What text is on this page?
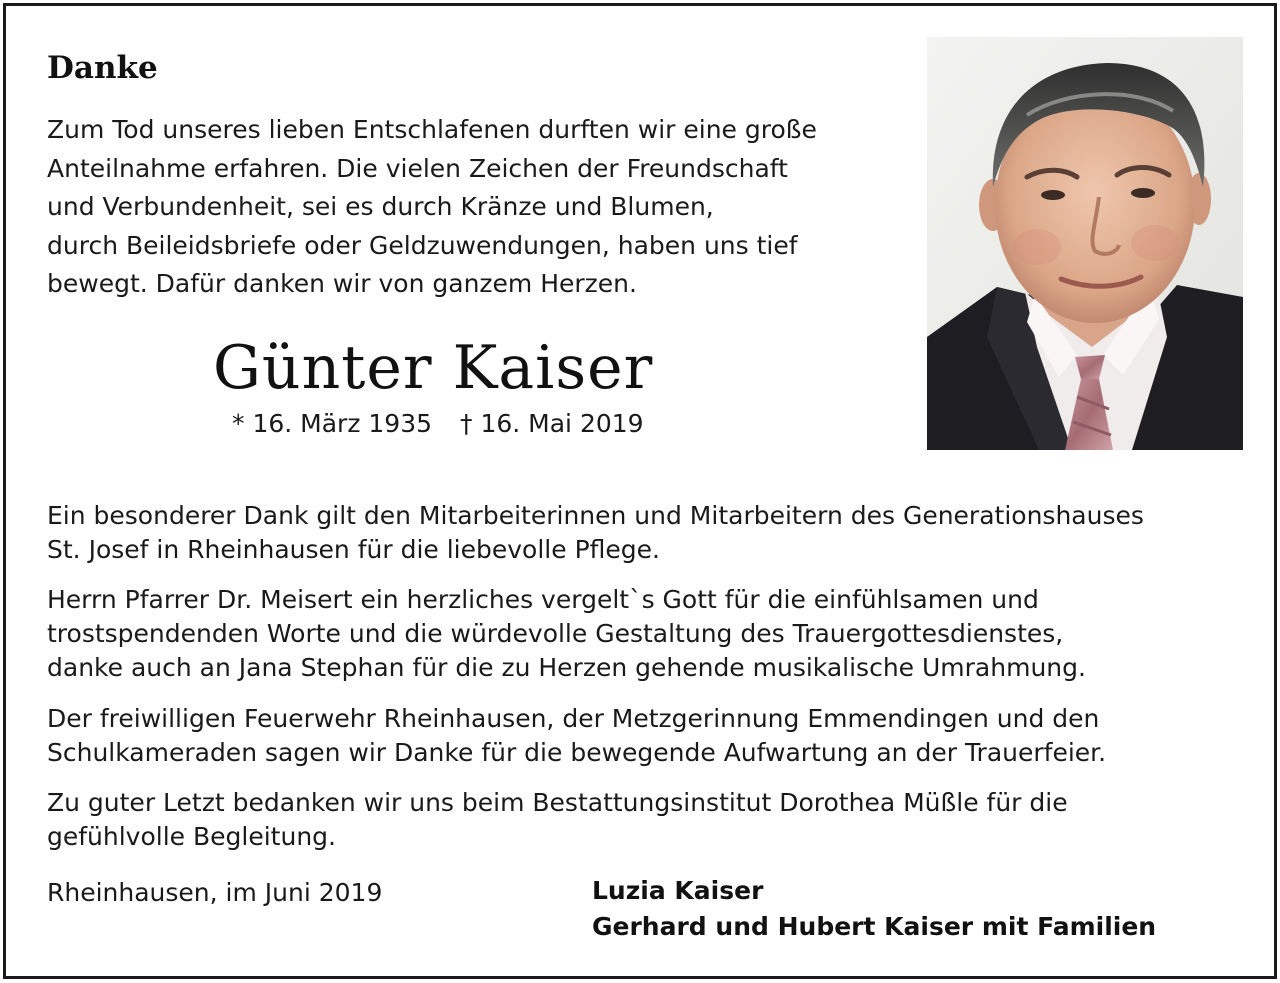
Danke
Zum Tod unseres lieben Entschlafenen durften wir eine große
Anteilnahme erfahren. Die vielen Zeichen der Freundschaft
und Verbundenheit, sei es durch Kränze und Blumen,
durch Beileidsbriefe oder Geldzuwendungen, haben uns tief
bewegt. Dafür danken wir von ganzem Herzen.
Günter Kaiser
* 16. März 1935 † 16. Mai 2019
Ein besonderer Dank gilt den Mitarbeiterinnen und Mitarbeitern des Generationshauses
St. Josef in Rheinhausen für die liebevolle Pflege.
Herrn Pfarrer Dr. Meisert ein herzliches vergelt`s Gott für die einfühlsamen und
trostspendenden Worte und die würdevolle Gestaltung des Trauergottesdienstes,
danke auch an Jana Stephan für die zu Herzen gehende musikalische Umrahmung.
Der freiwilligen Feuerwehr Rheinhausen, der Metzgerinnung Emmendingen und den
Schulkameraden sagen wir Danke für die bewegende Aufwartung an der Trauerfeier.
Zu guter Letzt bedanken wir uns beim Bestattungsinstitut Dorothea Müßle für die
gefühlvolle Begleitung.
Rheinhausen, im Juni 2019	Luzia Kaiser
Gerhard und Hubert Kaiser mit Familien
